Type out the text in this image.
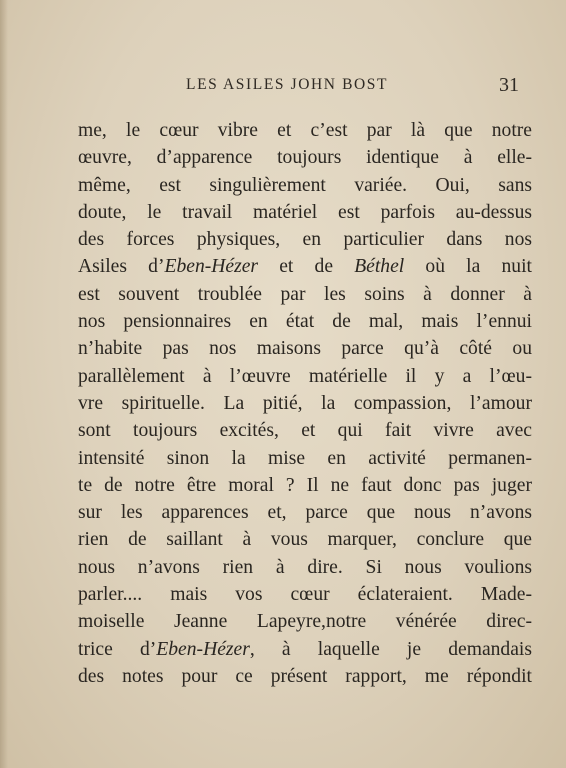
LES ASILES JOHN BOST	31
me, le cœur vibre et c’est par là que notre
œuvre, d’apparence toujours identique à elle-
même, est singulièrement variée. Oui, sans
doute, le travail matériel est parfois au-dessus
des forces physiques, en particulier dans nos
Asiles d’Eben-Hézer et de Béthel où la nuit
est souvent troublée par les soins à donner à
nos pensionnaires en état de mal, mais l’ennui
n’habite pas nos maisons parce qu’à côté ou
parallèlement à l’œuvre matérielle il y a l’œu-
vre spirituelle. La pitié, la compassion, l’amour
sont toujours excités, et qui fait vivre avec
intensité sinon la mise en activité permanen-
te de notre être moral ? Il ne faut donc pas juger
sur les apparences et, parce que nous n’avons
rien de saillant à vous marquer, conclure que
nous n’avons rien à dire. Si nous voulions
parler.... mais vos cœur éclateraient. Made-
moiselle Jeanne Lapeyre,notre vénérée direc-
trice d’Eben-Hézer, à laquelle je demandais
des notes pour ce présent rapport, me répondit
